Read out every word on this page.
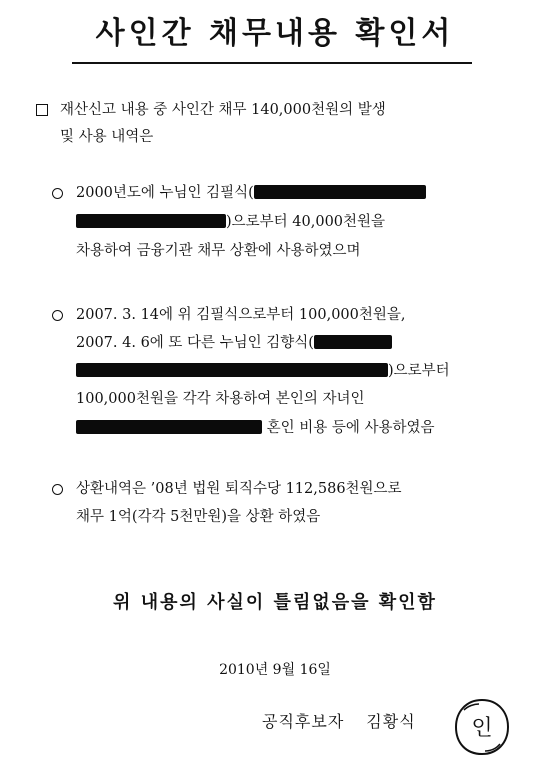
사인간 채무내용 확인서
재산신고 내용 중 사인간 채무 140,000천원의 발생
및 사용 내역은
2000년도에 누님인 김필식(
)으로부터 40,000천원을
차용하여 금융기관 채무 상환에 사용하였으며
2007. 3. 14에 위 김필식으로부터 100,000천원을,
2007. 4. 6에 또 다른 누님인 김향식(
)으로부터
100,000천원을 각각 차용하여 본인의 자녀인
혼인 비용 등에 사용하였음
상환내역은 ’08년 법원 퇴직수당 112,586천원으로
채무 1억(각각 5천만원)을 상환 하였음
위 내용의 사실이 틀림없음을 확인함
2010년 9월 16일
공직후보자 김황식	인
